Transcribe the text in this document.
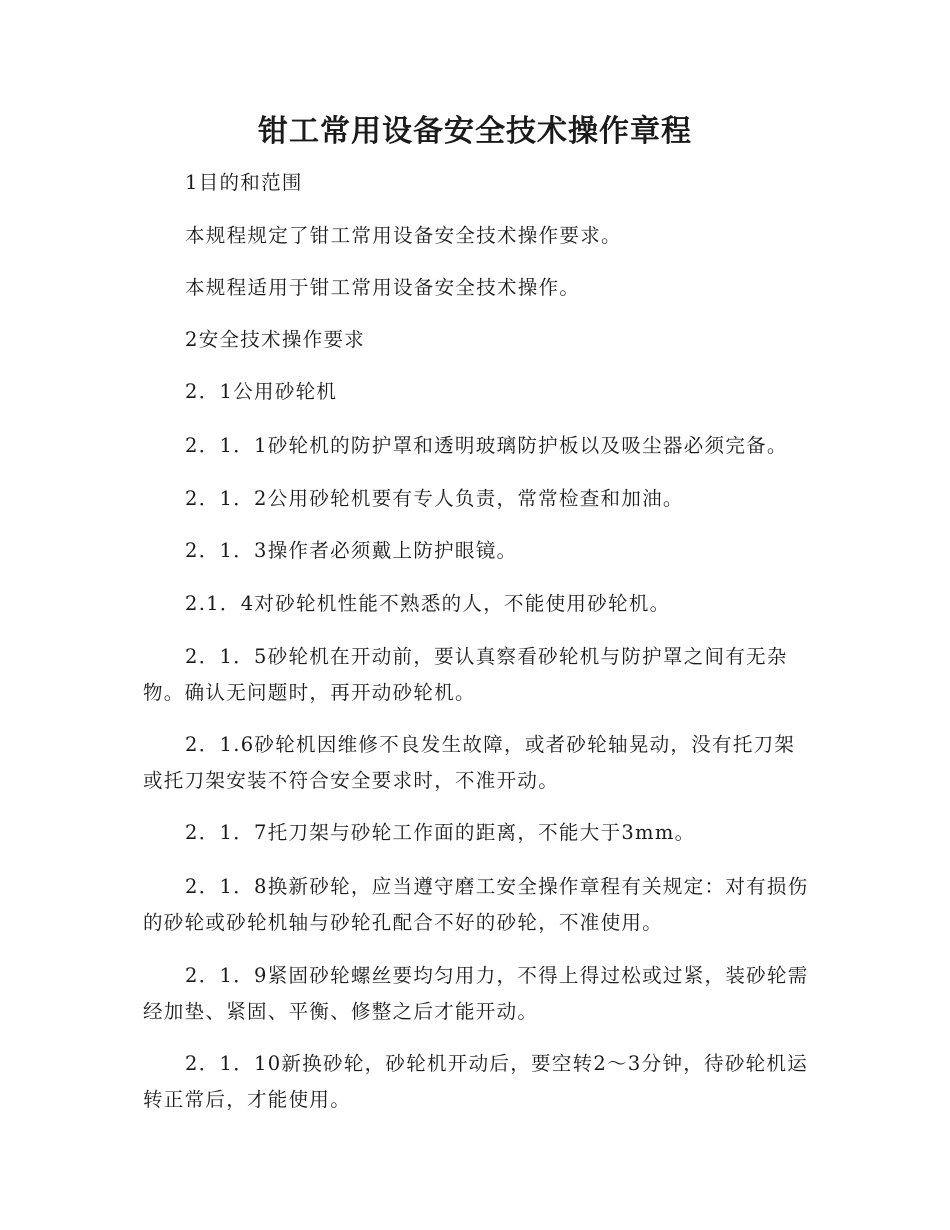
钳工常用设备安全技术操作章程

1目的和范围

本规程规定了钳工常用设备安全技术操作要求。

本规程适用于钳工常用设备安全技术操作。

2安全技术操作要求

2．1公用砂轮机

2．1．1砂轮机的防护罩和透明玻璃防护板以及吸尘器必须完备。

2．1．2公用砂轮机要有专人负责，常常检查和加油。

2．1．3操作者必须戴上防护眼镜。

2.1．4对砂轮机性能不熟悉的人，不能使用砂轮机。

2．1．5砂轮机在开动前，要认真察看砂轮机与防护罩之间有无杂物。确认无问题时，再开动砂轮机。

2．1.6砂轮机因维修不良发生故障，或者砂轮轴晃动，没有托刀架或托刀架安装不符合安全要求时，不准开动。

2．1．7托刀架与砂轮工作面的距离，不能大于3mm。

2．1．8换新砂轮，应当遵守磨工安全操作章程有关规定：对有损伤的砂轮或砂轮机轴与砂轮孔配合不好的砂轮，不准使用。

2．1．9紧固砂轮螺丝要均匀用力，不得上得过松或过紧，装砂轮需经加垫、紧固、平衡、修整之后才能开动。

2．1．10新换砂轮，砂轮机开动后，要空转2～3分钟，待砂轮机运转正常后，才能使用。
